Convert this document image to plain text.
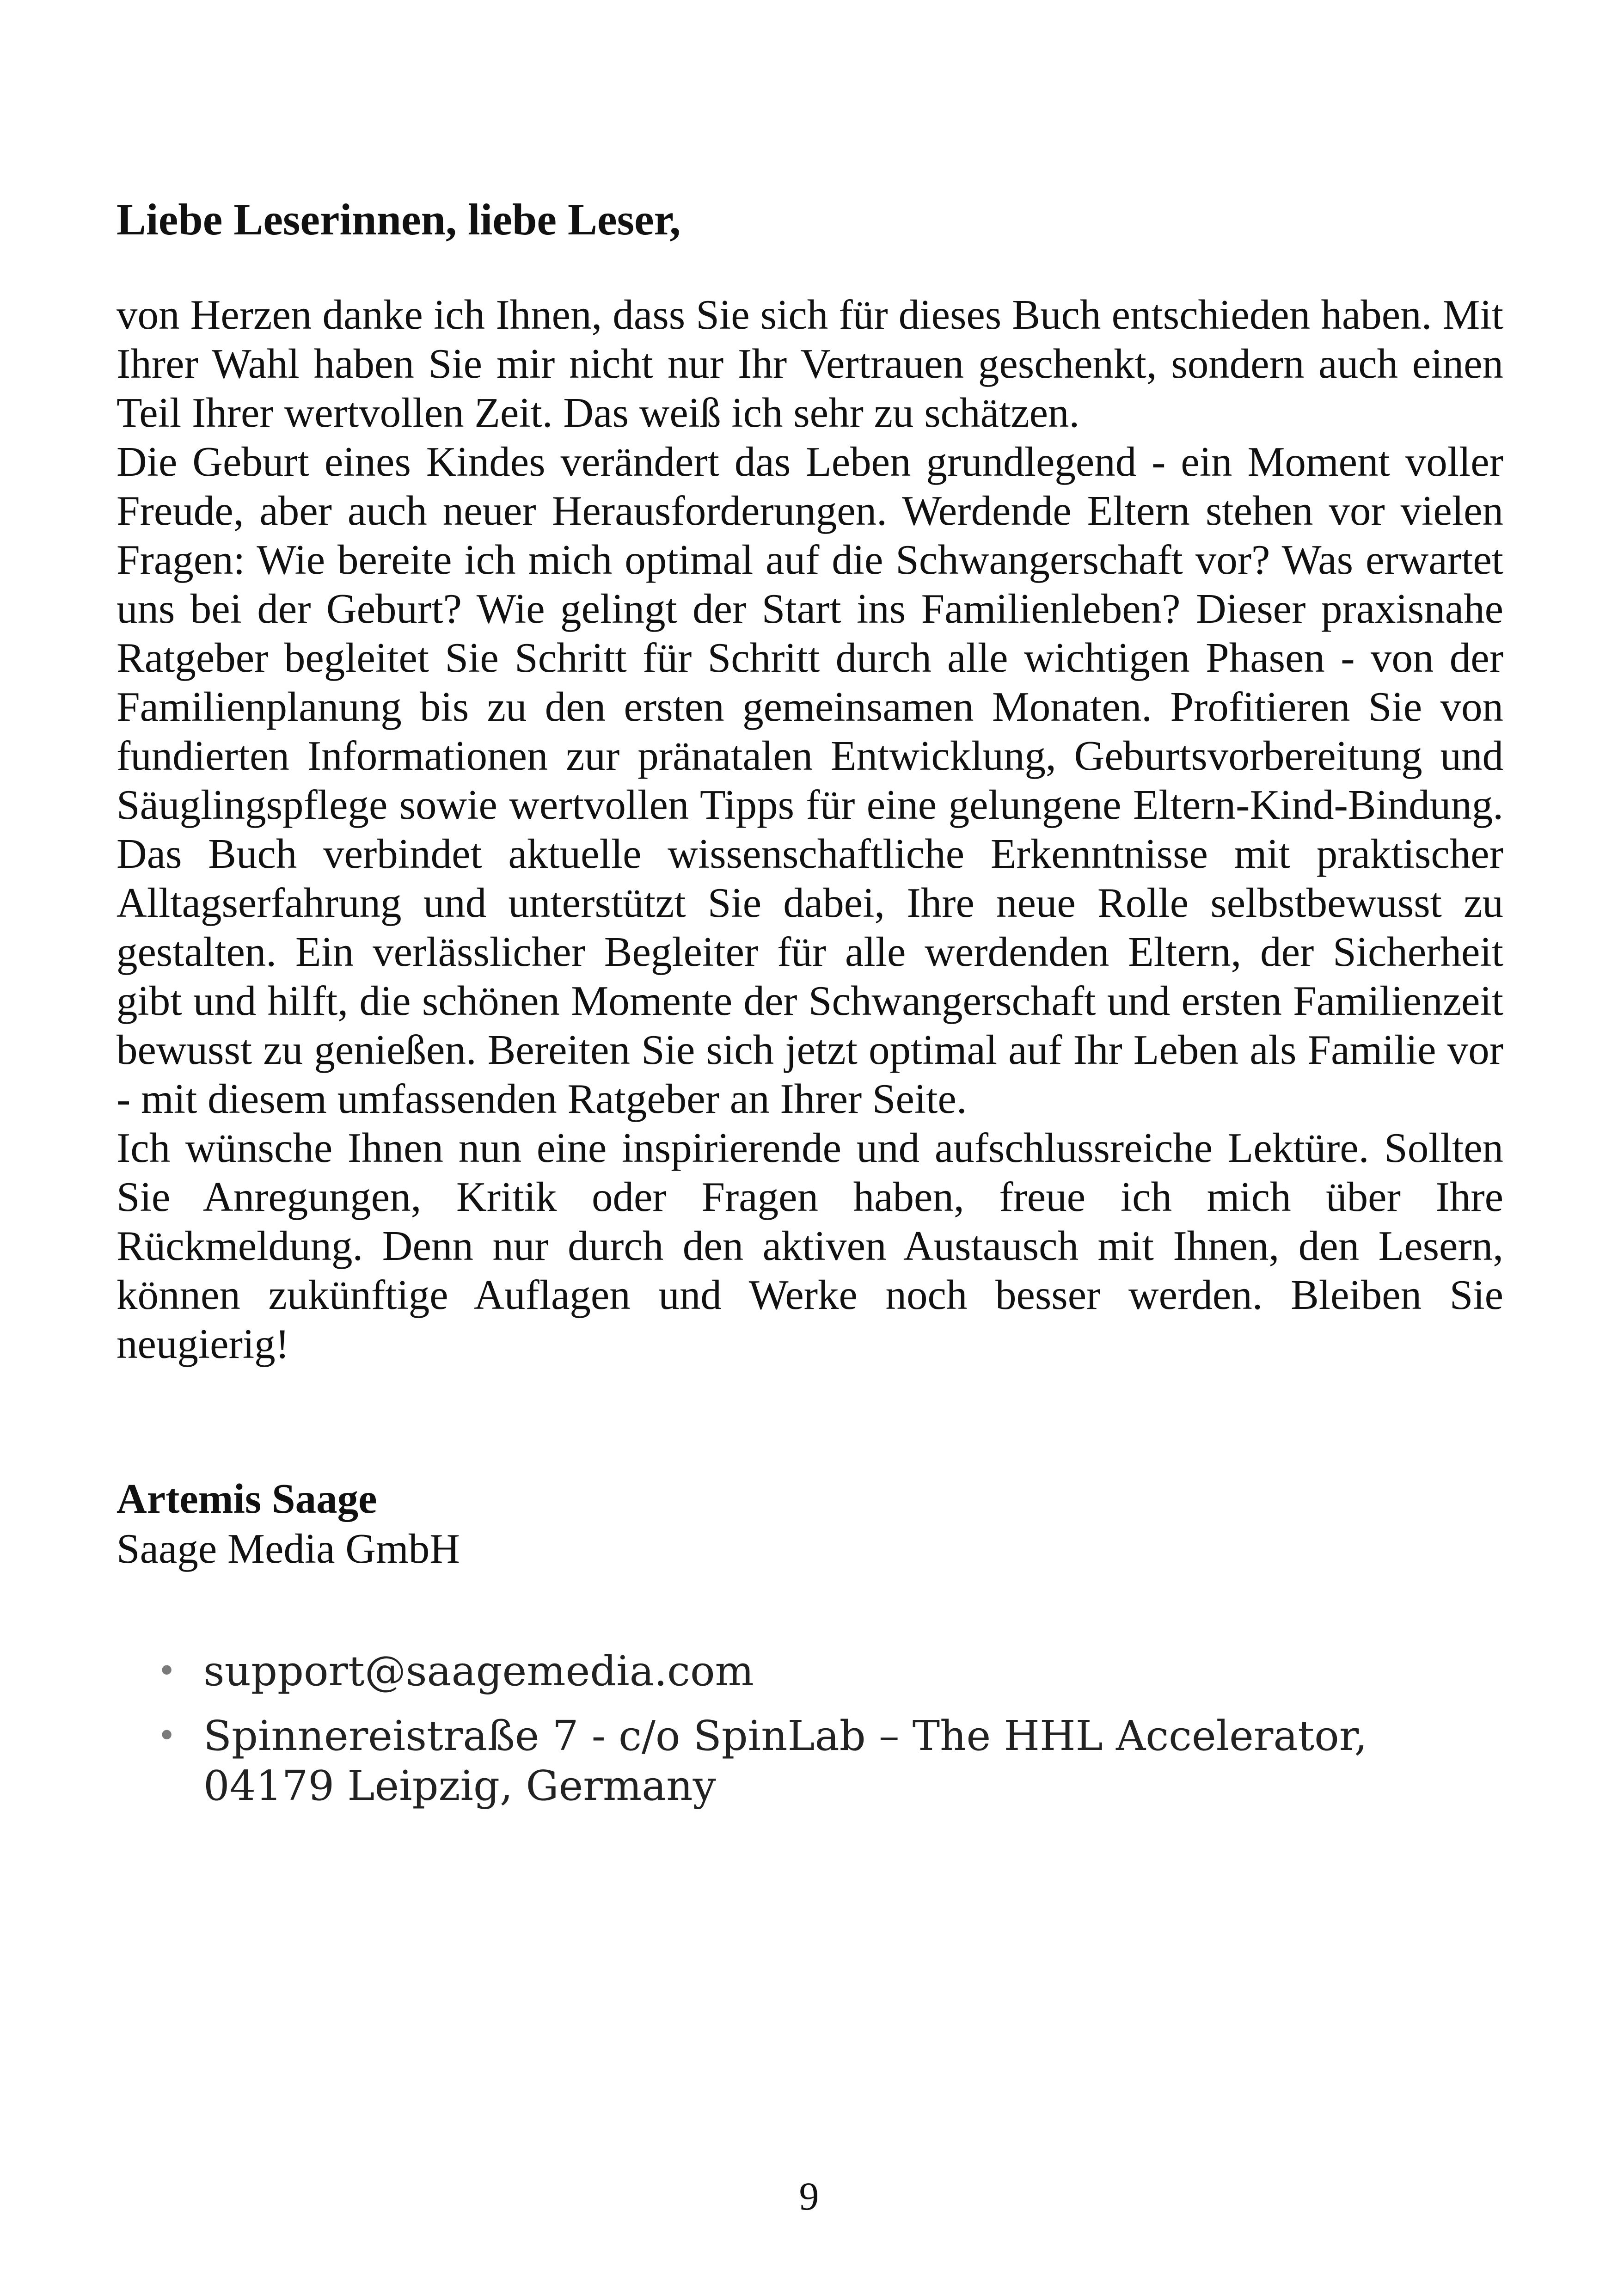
Liebe Leserinnen, liebe Leser,

von Herzen danke ich Ihnen, dass Sie sich für dieses Buch entschieden haben. Mit Ihrer Wahl haben Sie mir nicht nur Ihr Vertrauen geschenkt, sondern auch einen Teil Ihrer wertvollen Zeit. Das weiß ich sehr zu schätzen.

Die Geburt eines Kindes verändert das Leben grundlegend - ein Moment voller Freude, aber auch neuer Herausforderungen. Werdende Eltern stehen vor vielen Fragen: Wie bereite ich mich optimal auf die Schwangerschaft vor? Was erwartet uns bei der Geburt? Wie gelingt der Start ins Familienleben? Dieser praxisnahe Ratgeber begleitet Sie Schritt für Schritt durch alle wichtigen Phasen - von der Familienplanung bis zu den ersten gemeinsamen Monaten. Profitieren Sie von fundierten Informationen zur pränatalen Entwicklung, Geburtsvorbereitung und Säuglingspflege sowie wertvollen Tipps für eine gelungene Eltern-Kind-Bindung. Das Buch verbindet aktuelle wissenschaftliche Erkenntnisse mit praktischer Alltagserfahrung und unterstützt Sie dabei, Ihre neue Rolle selbstbewusst zu gestalten. Ein verlässlicher Begleiter für alle werdenden Eltern, der Sicherheit gibt und hilft, die schönen Momente der Schwangerschaft und ersten Familienzeit bewusst zu genießen. Bereiten Sie sich jetzt optimal auf Ihr Leben als Familie vor - mit diesem umfassenden Ratgeber an Ihrer Seite.

Ich wünsche Ihnen nun eine inspirierende und aufschlussreiche Lektüre. Sollten Sie Anregungen, Kritik oder Fragen haben, freue ich mich über Ihre Rückmeldung. Denn nur durch den aktiven Austausch mit Ihnen, den Lesern, können zukünftige Auflagen und Werke noch besser werden. Bleiben Sie neugierig!

Artemis Saage
Saage Media GmbH
• support@saagemedia.com
• Spinnereistraße 7 - c/o SpinLab – The HHL Accelerator, 04179 Leipzig, Germany
9
